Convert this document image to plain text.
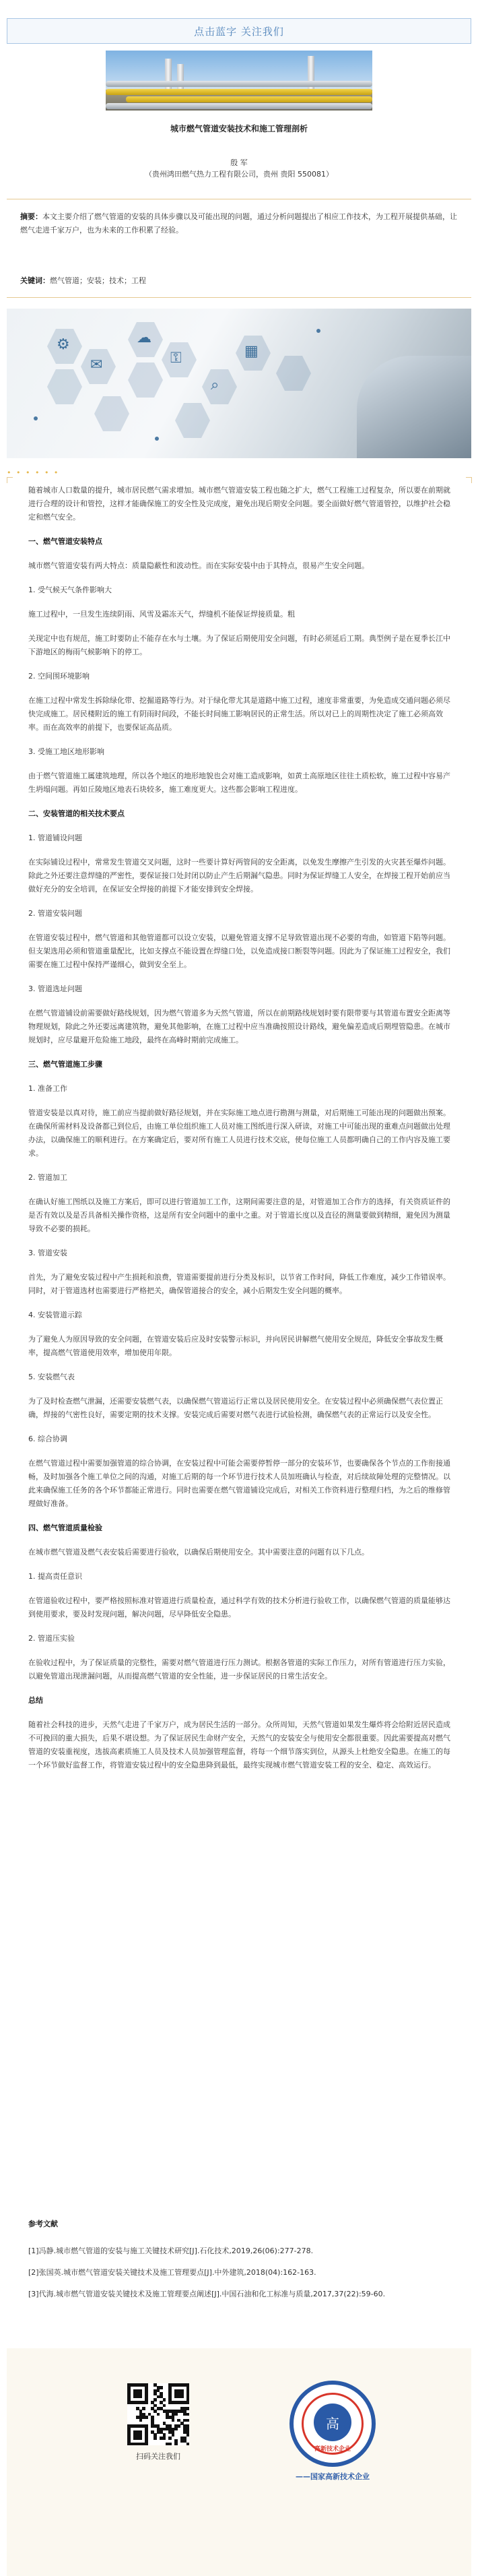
点击蓝字 关注我们
城市燃气管道安装技术和施工管理剖析
殷 军
（贵州鸿田燃气热力工程有限公司，贵州 贵阳 550081）
摘要：本文主要介绍了燃气管道的安装的具体步骤以及可能出现的问题，通过分析问题提出了相应工作技术，为工程开展提供基础，让燃气走进千家万户，也为未来的工作积累了经验。
关键词：燃气管道；安装；技术；工程
⚙	☁
⚿	▦
✉
⌕
• • • • • •
随着城市人口数量的提升，城市居民燃气需求增加。城市燃气管道安装工程也随之扩大，燃气工程施工过程复杂，所以要在前期就进行合理的设计和管控，这样才能确保施工的安全性及完成度，避免出现后期安全问题。要全面做好燃气管道管控，以维护社会稳定和燃气安全。
一、燃气管道安装特点
城市燃气管道安装有两大特点：质量隐蔽性和波动性。而在实际安装中由于其特点，很易产生安全问题。
1. 受气候天气条件影响大
施工过程中，一旦发生连续阴雨、风雪及霜冻天气，焊缝机不能保证焊接质量。粗
关现定中也有规范，施工时要防止不能存在水与土壤。为了保证后期使用安全问题，有时必须延后工期。典型例子是在夏季长江中下游地区的梅雨气候影响下的停工。
2. 空间围环境影响
在施工过程中常发生拆除绿化带、挖掘道路等行为。对于绿化带尤其是道路中施工过程，速度非常重要，为免造成交通问题必须尽快完成施工。居民楼附近的施工有阴雨时间段，不能长时间施工影响居民的正常生活。所以对已上的周期性决定了施工必须高效率。而在高效率的前提下，也要保证高品质。
3. 受施工地区地形影响
由于燃气管道施工属建筑地理，所以各个地区的地形地貌也会对施工造成影响，如黄土高原地区往往土质松软，施工过程中容易产生坍塌问题。再如丘陵地区地表石块较多，施工难度更大。这些都会影响工程进度。
二、安装管道的相关技术要点
1. 管道铺设问题
在实际铺设过程中，常常发生管道交叉问题，这时一些要计算好两管间的安全距离，以免发生摩擦产生引发的火灾甚至爆炸问题。除此之外还要注意焊缝的严密性，要保证接口处封闭以防止产生后期漏气隐患。同时为保证焊缝工人安全，在焊接工程开始前应当做好充分的安全培训，在保证安全焊接的前提下才能安排到安全焊接。
2. 管道安装问题
在管道安装过程中，燃气管道和其他管道都可以设立安装，以避免管道支撑不足导致管道出现不必要的弯曲，如管道下陷等问题。但支架选用必须和管道重量配比，比如支撑点不能设置在焊缝口处，以免造成接口断裂等问题。因此为了保证施工过程安全，我们需要在施工过程中保持严谨细心，做到安全至上。
3. 管道选址问题
在燃气管道铺设前需要做好路线规划，因为燃气管道多为天然气管道，所以在前期路线规划时要有限带要与其管道布置安全距离等物理规划，除此之外还要远离建筑物，避免其他影响，在施工过程中应当准确按照设计路线，避免偏差造成后期埋管隐患。在城市规划时，应尽量避开危险施工地段，最终在高峰时期前完成施工。
三、燃气管道施工步骤
1. 准备工作
管道安装是以真对待，施工前应当提前做好路径规划，并在实际施工地点进行勘测与测量，对后期施工可能出现的问题做出预案。在确保所需材料及设备都已到位后，由施工单位组织施工人员对施工图纸进行深入研读，对施工中可能出现的重难点问题做出处理办法，以确保施工的顺利进行。在方案确定后，要对所有施工人员进行技术交底，使每位施工人员都明确自己的工作内容及施工要求。
2. 管道加工
在确认好施工图纸以及施工方案后，即可以进行管道加工工作，这期间需要注意的是，对管道加工合作方的选择，有关资质证件的是否有效以及是否具备相关操作资格，这是所有安全问题中的重中之重。对于管道长度以及直径的测量要做到精细，避免因为测量导致不必要的损耗。
3. 管道安装
首先，为了避免安装过程中产生损耗和浪费，管道需要提前进行分类及标识，以节省工作时间，降低工作难度，减少工作错误率。同时，对于管道选材也需要进行严格把关，确保管道接合的安全，减小后期发生安全问题的概率。
4. 安装管道示踪
为了避免人为原因导致的安全问题，在管道安装后应及时安装警示标识，并向居民讲解燃气使用安全规范，降低安全事故发生概率，提高燃气管道使用效率，增加使用年限。
5. 安装燃气表
为了及时检查燃气泄漏，还需要安装燃气表，以确保燃气管道运行正常以及居民使用安全。在安装过程中必须确保燃气表位置正确，焊接的气密性良好，需要定期的技术支撑。安装完成后需要对燃气表进行试验检测，确保燃气表的正常运行以及安全性。
6. 综合协调
在燃气管道过程中需要加强管道的综合协调，在安装过程中可能会需要停暂停一部分的安装环节，也要确保各个节点的工作衔接通畅，及时加强各个施工单位之间的沟通，对施工后期的每一个环节进行技术人员加班确认与检查，对后续故障处理的完整情况。以此来确保施工任务的各个环节都能正常进行。同时也需要在燃气管道铺设完成后，对相关工作资料进行整理归档，为之后的维修管理做好准备。
四、燃气管道质量检验
在城市燃气管道及燃气表安装后需要进行验收，以确保后期使用安全。其中需要注意的问题有以下几点。
1. 提高责任意识
在管道验收过程中，要严格按照标准对管道进行质量检查，通过科学有效的技术分析进行验收工作，以确保燃气管道的质量能够达到使用要求，要及时发现问题，解决问题，尽早降低安全隐患。
2. 管道压实验
在验收过程中，为了保证质量的完整性，需要对燃气管道进行压力测试。根据各管道的实际工作压力，对所有管道进行压力实验，以避免管道出现泄漏问题，从而提高燃气管道的安全性能，进一步保证居民的日常生活安全。
总结
随着社会科技的进步，天然气走进了千家万户，成为居民生活的一部分。众所周知，天然气管道如果发生爆炸将会给附近居民造成不可挽回的重大损失，后果不堪设想。为了保证居民生命财产安全，天然气的安装安全与使用安全都很重要。因此需要提高对燃气管道的安装重视度，选拔高素质施工人员及技术人员加强管理监督，将每一个细节落实到位，从源头上杜绝安全隐患。在施工的每一个环节做好监督工作，将管道安装过程中的安全隐患降到最低，最终实现城市燃气管道安装工程的安全、稳定、高效运行。
参考文献
[1]冯静.城市燃气管道的安装与施工关键技术研究[J].石化技术,2019,26(06):277-278.
[2]张国英.城市燃气管道安装关键技术及施工管理要点[J].中外建筑,2018(04):162-163.
[3]代海.城市燃气管道安装关键技术及施工管理要点阐述[J].中国石油和化工标准与质量,2017,37(22):59-60.
扫码关注我们
高
高新技术企业
——国家高新技术企业
